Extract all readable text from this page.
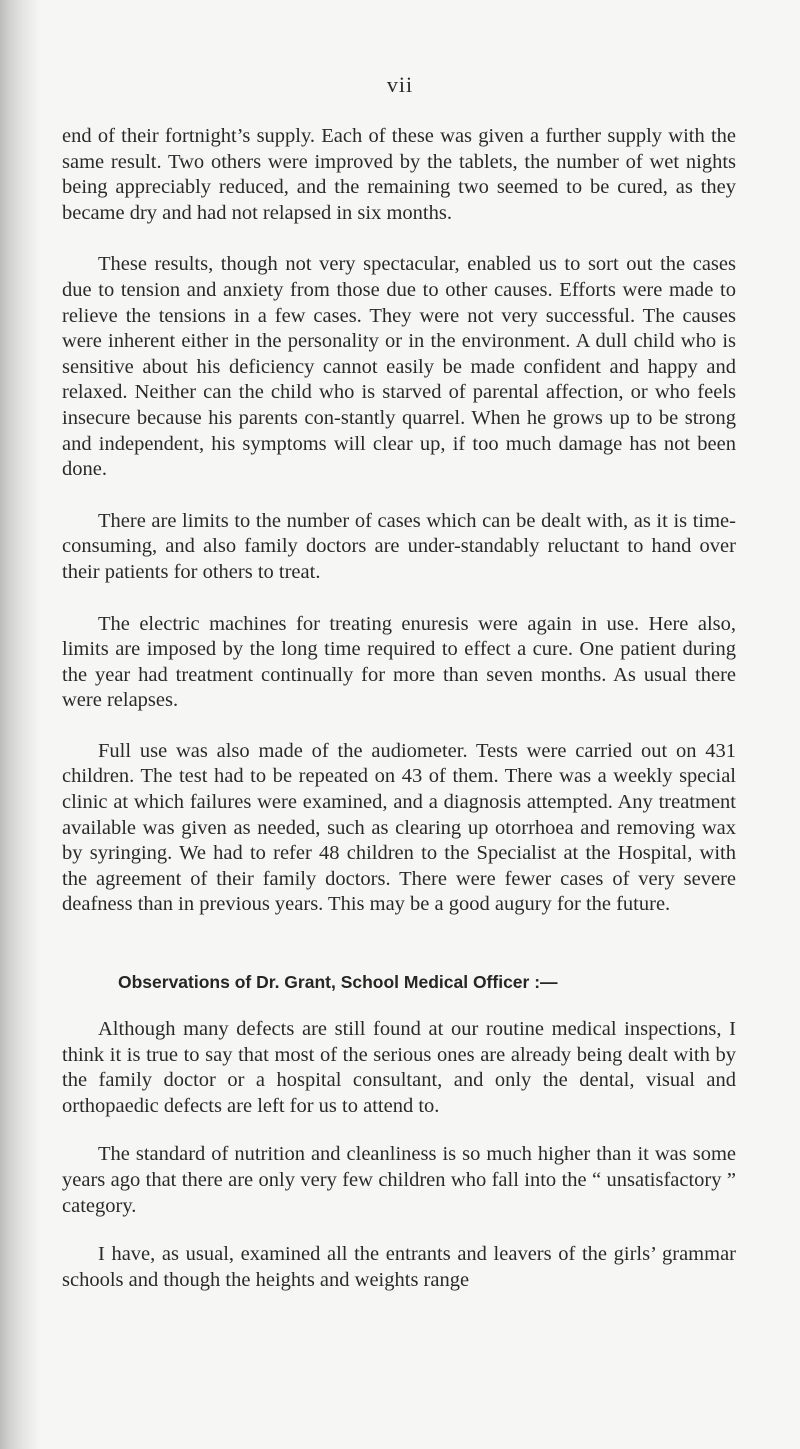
vii

end of their fortnight’s supply. Each of these was given a further supply with the same result. Two others were improved by the tablets, the number of wet nights being appreciably reduced, and the remaining two seemed to be cured, as they became dry and had not relapsed in six months.

These results, though not very spectacular, enabled us to sort out the cases due to tension and anxiety from those due to other causes. Efforts were made to relieve the tensions in a few cases. They were not very successful. The causes were inherent either in the personality or in the environment. A dull child who is sensitive about his deficiency cannot easily be made confident and happy and relaxed. Neither can the child who is starved of parental affection, or who feels insecure because his parents con-stantly quarrel. When he grows up to be strong and independent, his symptoms will clear up, if too much damage has not been done.

There are limits to the number of cases which can be dealt with, as it is time-consuming, and also family doctors are under-standably reluctant to hand over their patients for others to treat.

The electric machines for treating enuresis were again in use. Here also, limits are imposed by the long time required to effect a cure. One patient during the year had treatment continually for more than seven months. As usual there were relapses.

Full use was also made of the audiometer. Tests were carried out on 431 children. The test had to be repeated on 43 of them. There was a weekly special clinic at which failures were examined, and a diagnosis attempted. Any treatment available was given as needed, such as clearing up otorrhoea and removing wax by syringing. We had to refer 48 children to the Specialist at the Hospital, with the agreement of their family doctors. There were fewer cases of very severe deafness than in previous years. This may be a good augury for the future.

Observations of Dr. Grant, School Medical Officer :—

Although many defects are still found at our routine medical inspections, I think it is true to say that most of the serious ones are already being dealt with by the family doctor or a hospital consultant, and only the dental, visual and orthopaedic defects are left for us to attend to.

The standard of nutrition and cleanliness is so much higher than it was some years ago that there are only very few children who fall into the “ unsatisfactory ” category.

I have, as usual, examined all the entrants and leavers of the girls’ grammar schools and though the heights and weights range
